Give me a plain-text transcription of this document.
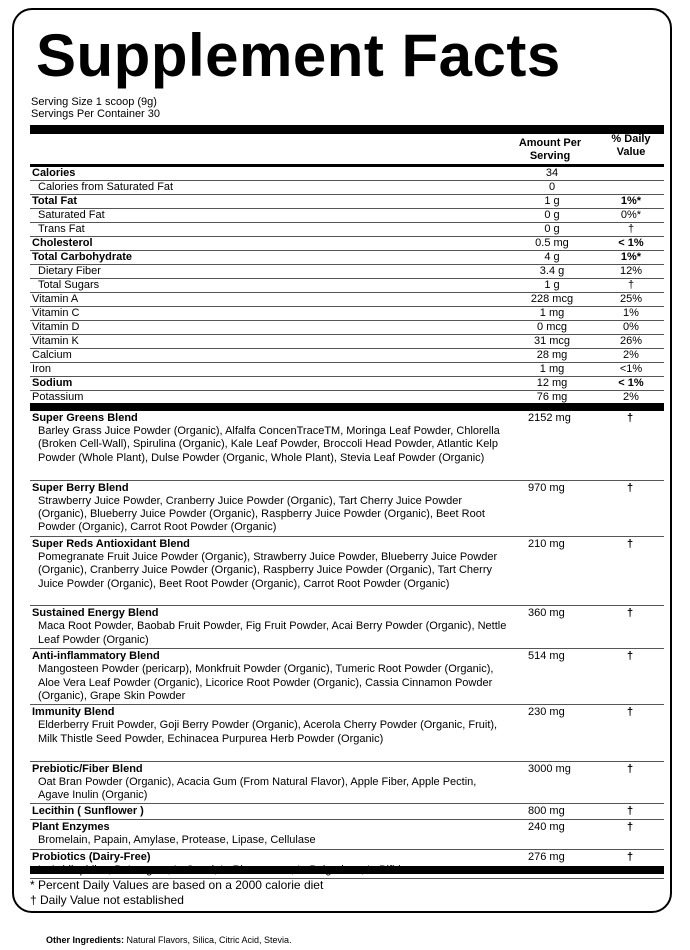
Supplement Facts
Serving Size 1 scoop (9g)
Servings Per Container 30
Amount Per
Serving
% Daily
Value
Calories	34
Calories from Saturated Fat	0
Total Fat	1 g	1%*
Saturated Fat	0 g	0%*
Trans Fat	0 g	†
Cholesterol	0.5 mg	< 1%
Total Carbohydrate	4 g	1%*
Dietary Fiber	3.4 g	12%
Total Sugars	1 g	†
Vitamin A	228 mcg	25%
Vitamin C	1 mg	1%
Vitamin D	0 mcg	0%
Vitamin K	31 mcg	26%
Calcium	28 mg	2%
Iron	1 mg	<1%
Sodium	12 mg	< 1%
Potassium	76 mg	2%
Super Greens Blend	2152 mg	†
Barley Grass Juice Powder (Organic), Alfalfa ConcenTraceTM, Moringa Leaf Powder, Chlorella (Broken Cell-Wall), Spirulina (Organic), Kale Leaf Powder, Broccoli Head Powder, Atlantic Kelp Powder (Whole Plant), Dulse Powder (Organic, Whole Plant), Stevia Leaf Powder (Organic)
Super Berry Blend	970 mg	†
Strawberry Juice Powder, Cranberry Juice Powder (Organic), Tart Cherry Juice Powder (Organic), Blueberry Juice Powder (Organic), Raspberry Juice Powder (Organic), Beet Root Powder (Organic), Carrot Root Powder (Organic)
Super Reds Antioxidant Blend	210 mg	†
Pomegranate Fruit Juice Powder (Organic), Strawberry Juice Powder, Blueberry Juice Powder (Organic), Cranberry Juice Powder (Organic), Raspberry Juice Powder (Organic), Tart Cherry Juice Powder (Organic), Beet Root Powder (Organic), Carrot Root Powder (Organic)
Sustained Energy Blend	360 mg	†
Maca Root Powder, Baobab Fruit Powder, Fig Fruit Powder, Acai Berry Powder (Organic), Nettle Leaf Powder (Organic)
Anti-inflammatory Blend	514 mg	†
Mangosteen Powder (pericarp), Monkfruit Powder (Organic), Tumeric Root Powder (Organic), Aloe Vera Leaf Powder (Organic), Licorice Root Powder (Organic), Cassia Cinnamon Powder (Organic), Grape Skin Powder
Immunity Blend	230 mg	†
Elderberry Fruit Powder, Goji Berry Powder (Organic), Acerola Cherry Powder (Organic, Fruit), Milk Thistle Seed Powder, Echinacea Purpurea Herb Powder (Organic)
Prebiotic/Fiber Blend	3000 mg	†
Oat Bran Powder (Organic), Acacia Gum (From Natural Flavor), Apple Fiber, Apple Pectin, Agave Inulin (Organic)
Lecithin ( Sunflower )	800 mg	†
Plant Enzymes	240 mg	†
Bromelain, Papain, Amylase, Protease, Lipase, Cellulase
Probiotics (Dairy-Free)	276 mg	†
* Percent Daily Values are based on a 2000 calorie diet
† Daily Value not established
Other Ingredients: Natural Flavors, Silica, Citric Acid, Stevia.
